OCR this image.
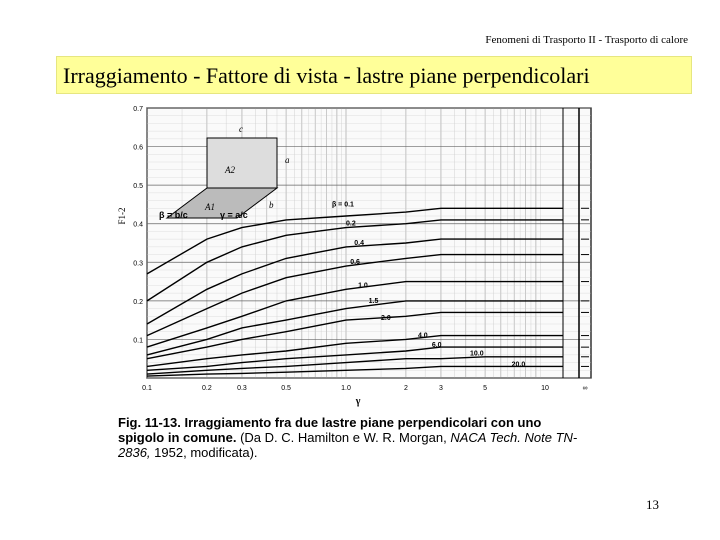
Fenomeni di Trasporto II - Trasporto di calore
Irraggiamento - Fattore di vista - lastre piane perpendicolari
0.1
0.2
0.3
0.4
0.5
0.6
0.7
0.1	0.2	0.3	0.5	1.0	2	3	5	10	∞
γ
F1-2
β = 0.1
0.2
0.4
0.6
1.0
1.5
2.0
4.0
6.0
10.0
20.0
c
a
b
A2
A1
β = b/c	γ = a/c
Fig. 11-13. Irraggiamento fra due lastre piane perpendicolari con uno spigolo in comune. (Da D. C. Hamilton e W. R. Morgan, NACA Tech. Note TN-2836, 1952, modificata).
13
